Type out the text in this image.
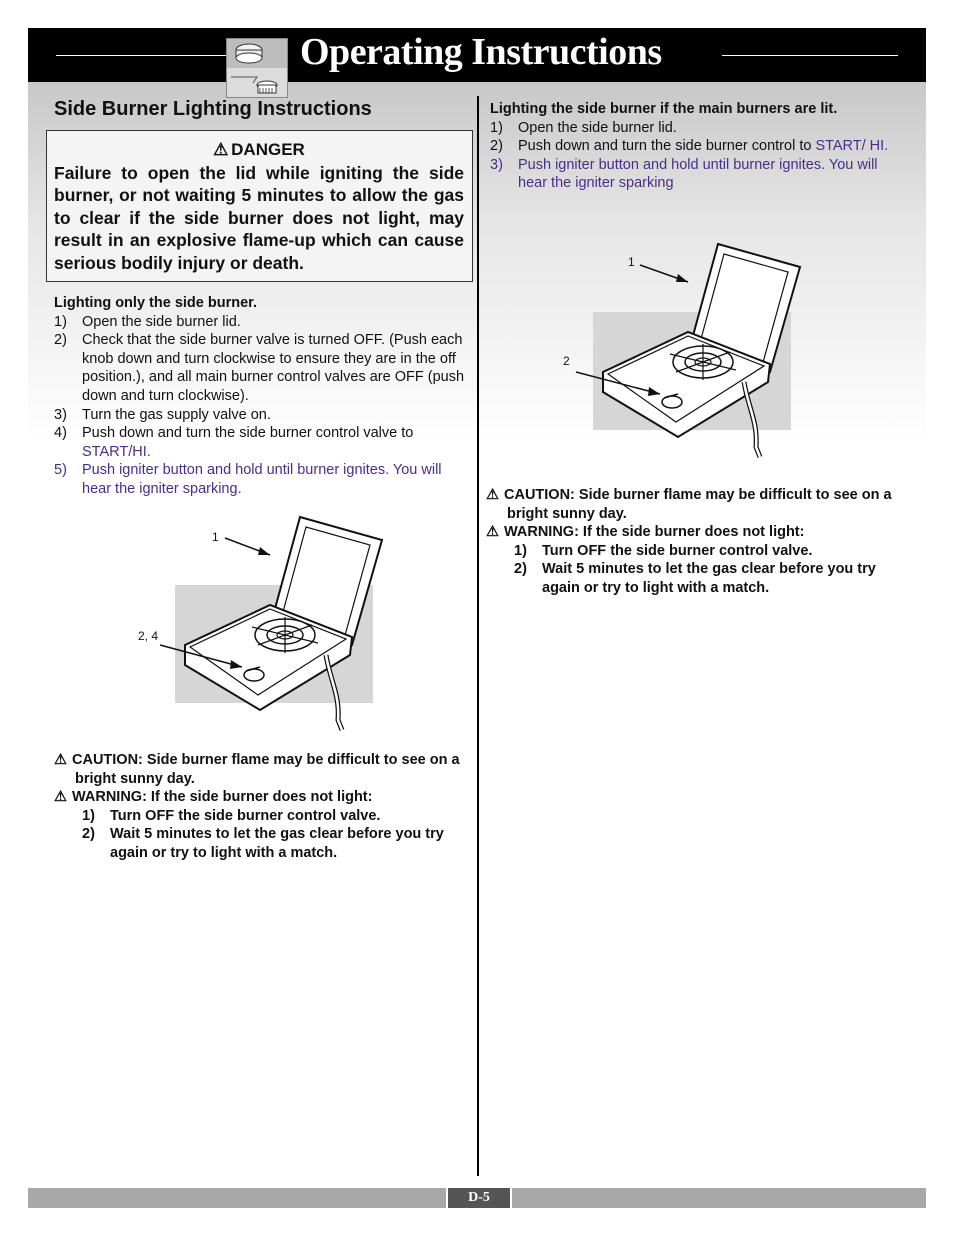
Operating Instructions
Side Burner Lighting Instructions
⚠ DANGER
Failure to open the lid while igniting the side burner, or not waiting 5 minutes to allow the gas to clear if the side burner does not light, may result in an explosive flame-up which can cause serious bodily injury or death.

Lighting only the side burner.

1) Open the side burner lid.
2) Check that the side burner valve is turned OFF. (Push each knob down and turn clockwise to ensure they are in the off position.), and all main burner control valves are OFF (push down and turn clockwise).
3) Turn the gas supply valve on.
4) Push down and turn the side burner control valve to START/HI.
5) Push igniter button and hold until burner ignites. You will hear the igniter sparking.
1
2, 4
⚠ CAUTION: Side burner flame may be difficult to see on a bright sunny day.
⚠ WARNING: If the side burner does not light:
1) Turn OFF the side burner control valve.
2) Wait 5 minutes to let the gas clear before you try again or try to light with a match.

Lighting the side burner if the main burners are lit.

1) Open the side burner lid.
2) Push down and turn the side burner control to START/ HI.
3) Push igniter button and hold until burner ignites. You will hear the igniter sparking
1
2
⚠ CAUTION: Side burner flame may be difficult to see on a bright sunny day.
⚠ WARNING: If the side burner does not light:
1) Turn OFF the side burner control valve.
2) Wait 5 minutes to let the gas clear before you try again or try to light with a match.
D-5
